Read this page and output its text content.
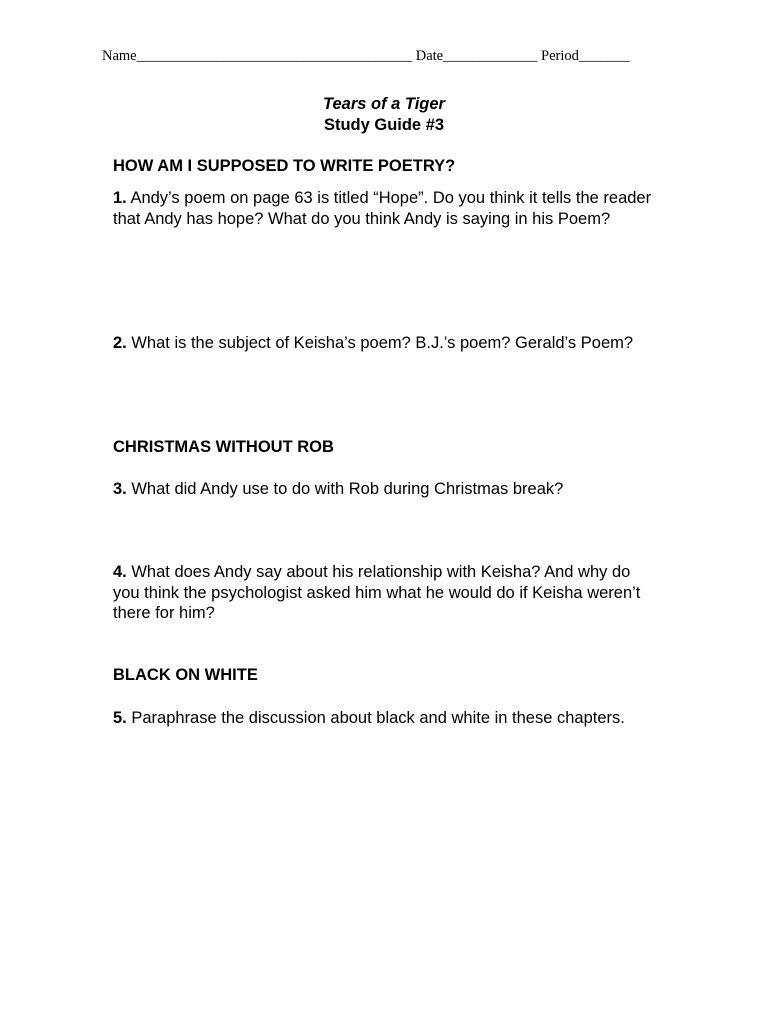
Name______________________________________ Date_____________ Period_______
Tears of a Tiger
Study Guide #3
HOW AM I SUPPOSED TO WRITE POETRY?
1. Andy’s poem on page 63 is titled “Hope”. Do you think it tells the reader that Andy has hope? What do you think Andy is saying in his Poem?
2. What is the subject of Keisha’s poem? B.J.’s poem? Gerald’s Poem?
CHRISTMAS WITHOUT ROB
3. What did Andy use to do with Rob during Christmas break?
4. What does Andy say about his relationship with Keisha? And why do you think the psychologist asked him what he would do if Keisha weren’t there for him?
BLACK ON WHITE
5. Paraphrase the discussion about black and white in these chapters.
